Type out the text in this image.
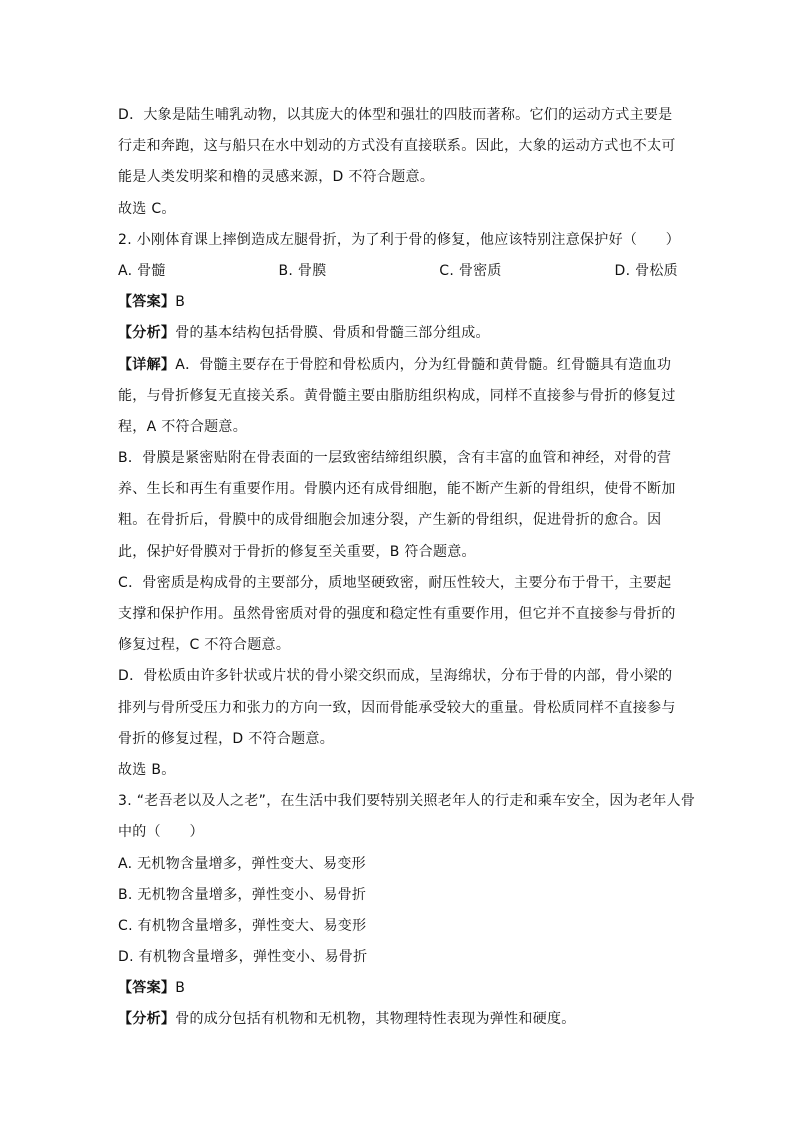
D．大象是陆生哺乳动物，以其庞大的体型和强壮的四肢而著称。它们的运动方式主要是
行走和奔跑，这与船只在水中划动的方式没有直接联系。因此，大象的运动方式也不太可
能是人类发明桨和橹的灵感来源，D 不符合题意。
故选 C。
2. 小刚体育课上摔倒造成左腿骨折，为了利于骨的修复，他应该特别注意保护好（　　）
A. 骨髓	B. 骨膜	C. 骨密质	D. 骨松质
【答案】B
【分析】骨的基本结构包括骨膜、骨质和骨髓三部分组成。
【详解】A．骨髓主要存在于骨腔和骨松质内，分为红骨髓和黄骨髓。红骨髓具有造血功
能，与骨折修复无直接关系。黄骨髓主要由脂肪组织构成，同样不直接参与骨折的修复过
程，A 不符合题意。
B．骨膜是紧密贴附在骨表面的一层致密结缔组织膜，含有丰富的血管和神经，对骨的营
养、生长和再生有重要作用。骨膜内还有成骨细胞，能不断产生新的骨组织，使骨不断加
粗。在骨折后，骨膜中的成骨细胞会加速分裂，产生新的骨组织，促进骨折的愈合。因
此，保护好骨膜对于骨折的修复至关重要，B 符合题意。
C．骨密质是构成骨的主要部分，质地坚硬致密，耐压性较大，主要分布于骨干，主要起
支撑和保护作用。虽然骨密质对骨的强度和稳定性有重要作用，但它并不直接参与骨折的
修复过程，C 不符合题意。
D．骨松质由许多针状或片状的骨小梁交织而成，呈海绵状，分布于骨的内部，骨小梁的
排列与骨所受压力和张力的方向一致，因而骨能承受较大的重量。骨松质同样不直接参与
骨折的修复过程，D 不符合题意。
故选 B。
3. “老吾老以及人之老”，在生活中我们要特别关照老年人的行走和乘车安全，因为老年人骨
中的（　　）
A. 无机物含量增多，弹性变大、易变形
B. 无机物含量增多，弹性变小、易骨折
C. 有机物含量增多，弹性变大、易变形
D. 有机物含量增多，弹性变小、易骨折
【答案】B
【分析】骨的成分包括有机物和无机物，其物理特性表现为弹性和硬度。
